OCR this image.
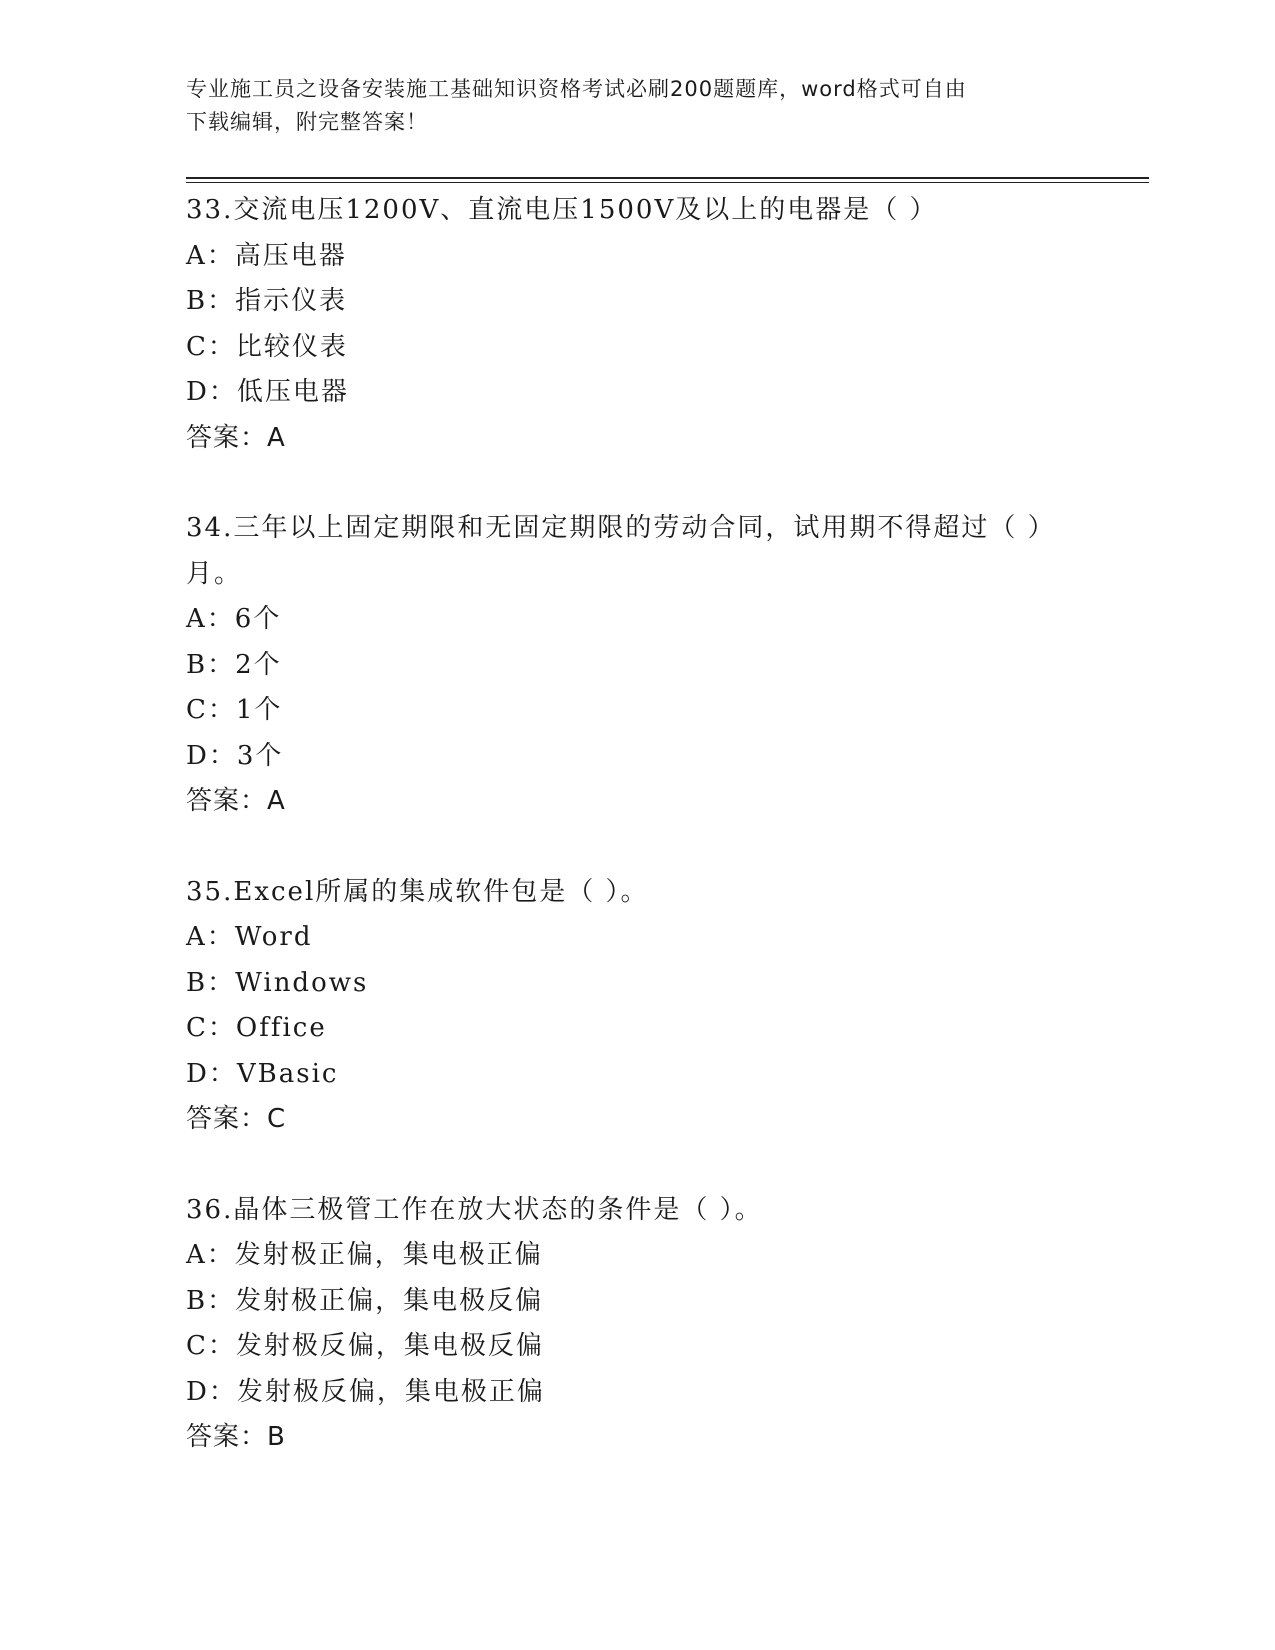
专业施工员之设备安装施工基础知识资格考试必刷200题题库，word格式可自由
下载编辑，附完整答案！
33.交流电压1200V、直流电压1500V及以上的电器是（ ）
A：高压电器
B：指示仪表
C：比较仪表
D：低压电器
答案：A
34.三年以上固定期限和无固定期限的劳动合同，试用期不得超过（ ）月。
A：6个
B：2个
C：1个
D：3个
答案：A
35.Excel所属的集成软件包是（ ）。
A：Word
B：Windows
C：Office
D：VBasic
答案：C
36.晶体三极管工作在放大状态的条件是（ ）。
A：发射极正偏，集电极正偏
B：发射极正偏，集电极反偏
C：发射极反偏，集电极反偏
D：发射极反偏，集电极正偏
答案：B
